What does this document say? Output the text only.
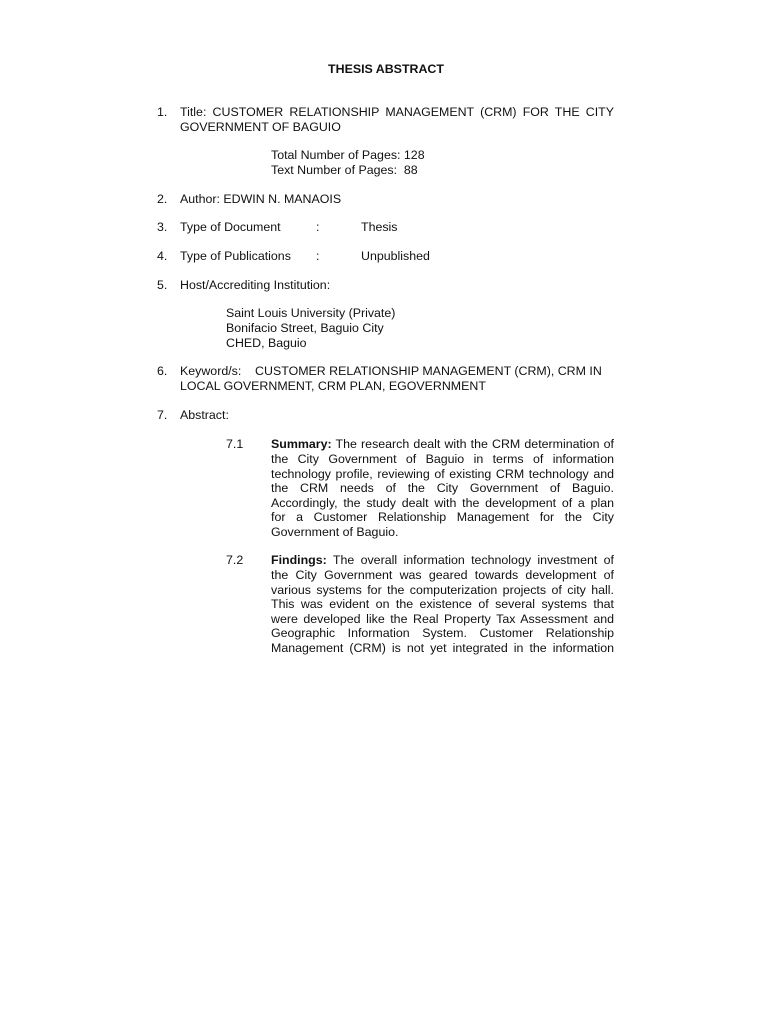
THESIS ABSTRACT
1. Title: CUSTOMER RELATIONSHIP MANAGEMENT (CRM) FOR THE CITY
GOVERNMENT OF BAGUIO
Total Number of Pages: 128
Text Number of Pages:  88
2. Author: EDWIN N. MANAOIS
3. Type of Document	:	Thesis
4. Type of Publications :	Unpublished
5. Host/Accrediting Institution:
Saint Louis University (Private)
Bonifacio Street, Baguio City
CHED, Baguio
6. Keyword/s:    CUSTOMER RELATIONSHIP MANAGEMENT (CRM), CRM IN
LOCAL GOVERNMENT, CRM PLAN, EGOVERNMENT
7. Abstract:
7.1 Summary: The research dealt with the CRM determination of
the City Government of Baguio in terms of information
technology profile, reviewing of existing CRM technology and
the CRM needs of the City Government of Baguio.
Accordingly, the study dealt with the development of a plan
for a Customer Relationship Management for the City
Government of Baguio.
7.2 Findings: The overall information technology investment of
the City Government was geared towards development of
various systems for the computerization projects of city hall.
This was evident on the existence of several systems that
were developed like the Real Property Tax Assessment and
Geographic Information System. Customer Relationship
Management (CRM) is not yet integrated in the information
